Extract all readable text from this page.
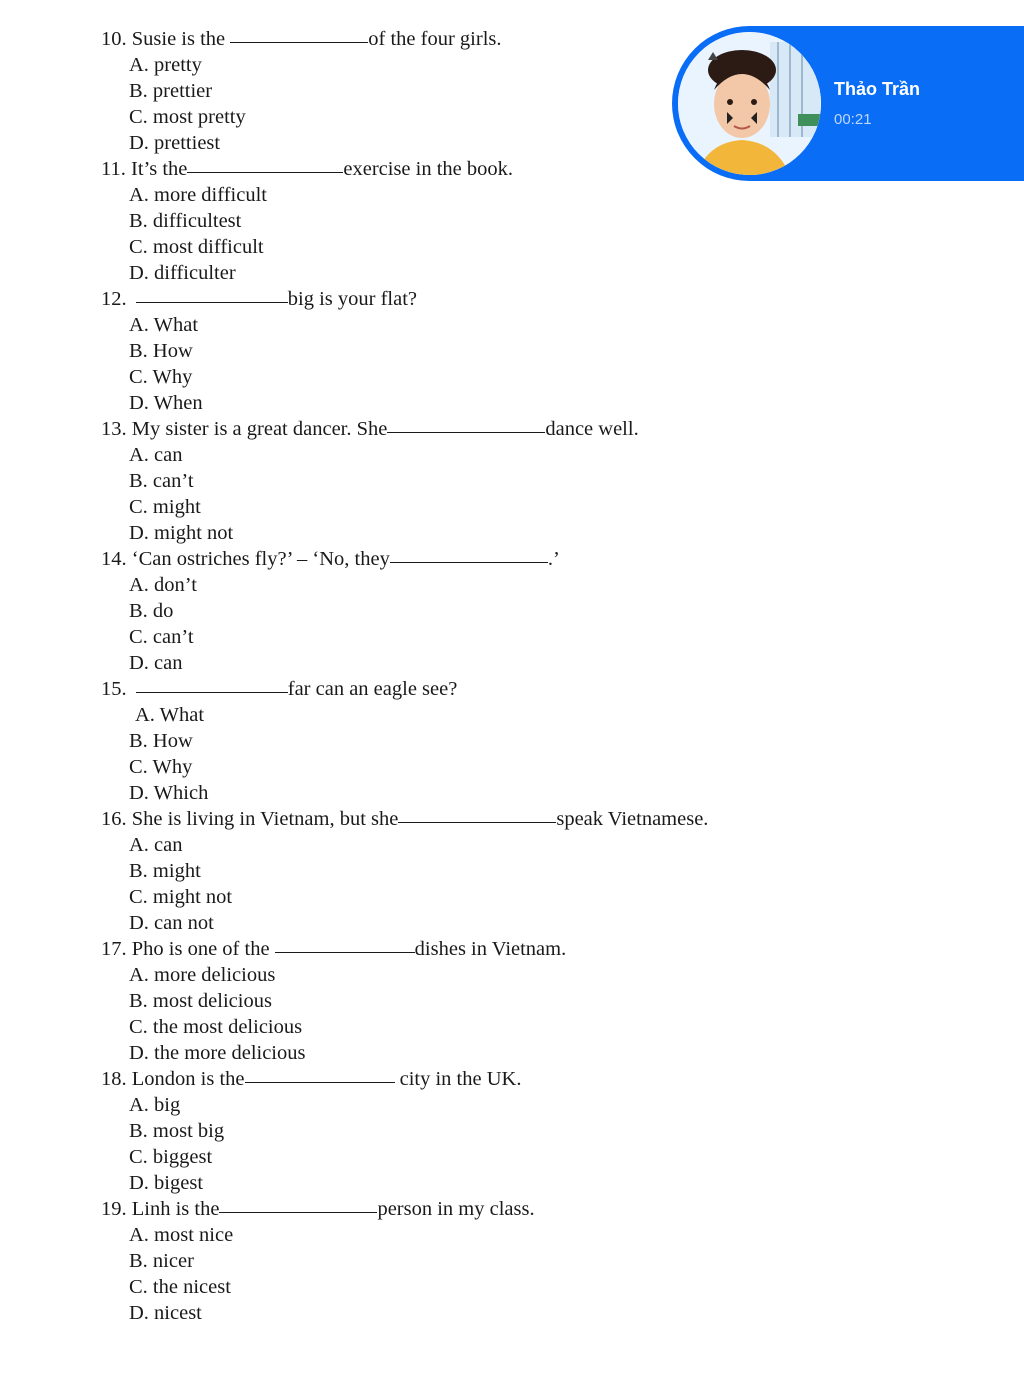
10. Susie is the	of the four girls.
A. pretty
B. prettier
C. most pretty
D. prettiest
11. It’s the	exercise in the book.
A. more difficult
B. difficultest
C. most difficult
D. difficulter
12.	big is your flat?
A. What
B. How
C. Why
D. When
13. My sister is a great dancer. She	dance well.
A. can
B. can’t
C. might
D. might not
14. ‘Can ostriches fly?’ – ‘No, they	.’
A. don’t
B. do
C. can’t
D. can
15.	far can an eagle see?
A. What
B. How
C. Why
D. Which
16. She is living in Vietnam, but she	speak Vietnamese.
A. can
B. might
C. might not
D. can not
17. Pho is one of the	dishes in Vietnam.
A. more delicious
B. most delicious
C. the most delicious
D. the more delicious
18. London is the	city in the UK.
A. big
B. most big
C. biggest
D. bigest
19. Linh is the	person in my class.
A. most nice
B. nicer
C. the nicest
D. nicest
Thảo Trần
00:21
